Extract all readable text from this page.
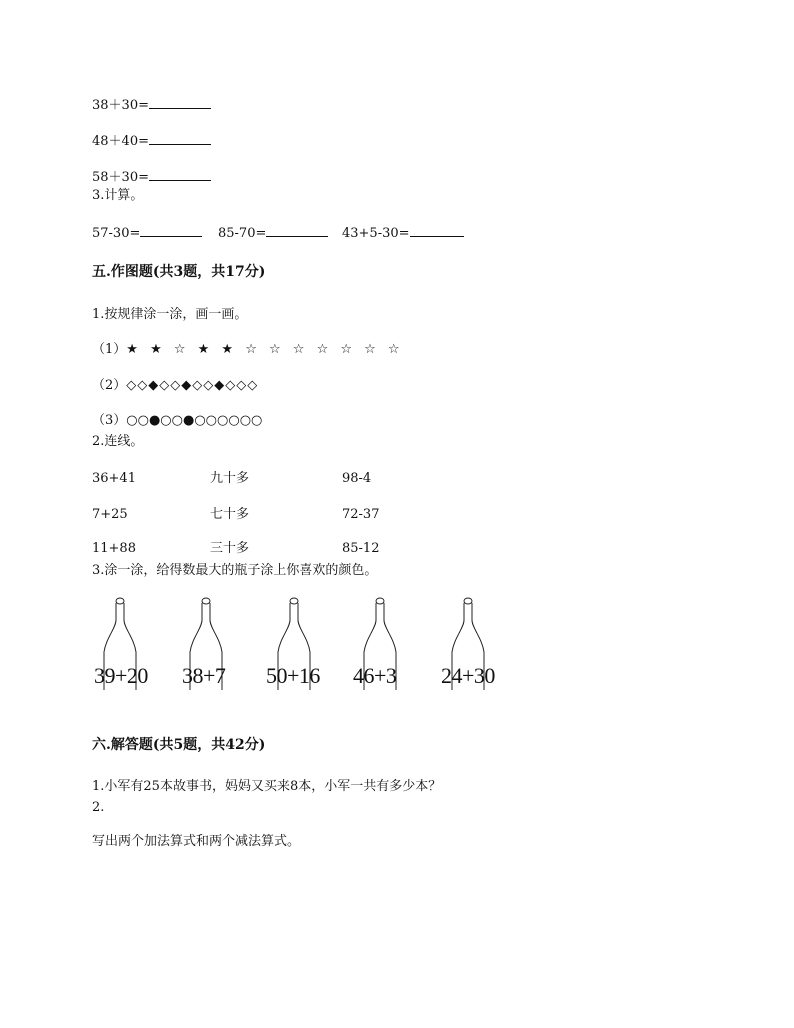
38＋30=
48＋40=
58＋30=
3.计算。
57-30=	85-70=	43+5-30=
五.作图题(共3题，共17分)
1.按规律涂一涂，画一画。
（1）★ ★ ☆ ★ ★ ☆ ☆ ☆ ☆ ☆ ☆ ☆
（2）◇◇◆◇◇◆◇◇◆◇◇◇
（3）○○●○○●○○○○○○
2.连线。
36+41
7+25
11+88
九十多
七十多
三十多
98-4
72-37
85-12
3.涂一涂，给得数最大的瓶子涂上你喜欢的颜色。
39+20 38+7 50+16 46+3 24+30
六.解答题(共5题，共42分)
1.小军有25本故事书，妈妈又买来8本，小军一共有多少本？
2.
写出两个加法算式和两个减法算式。
